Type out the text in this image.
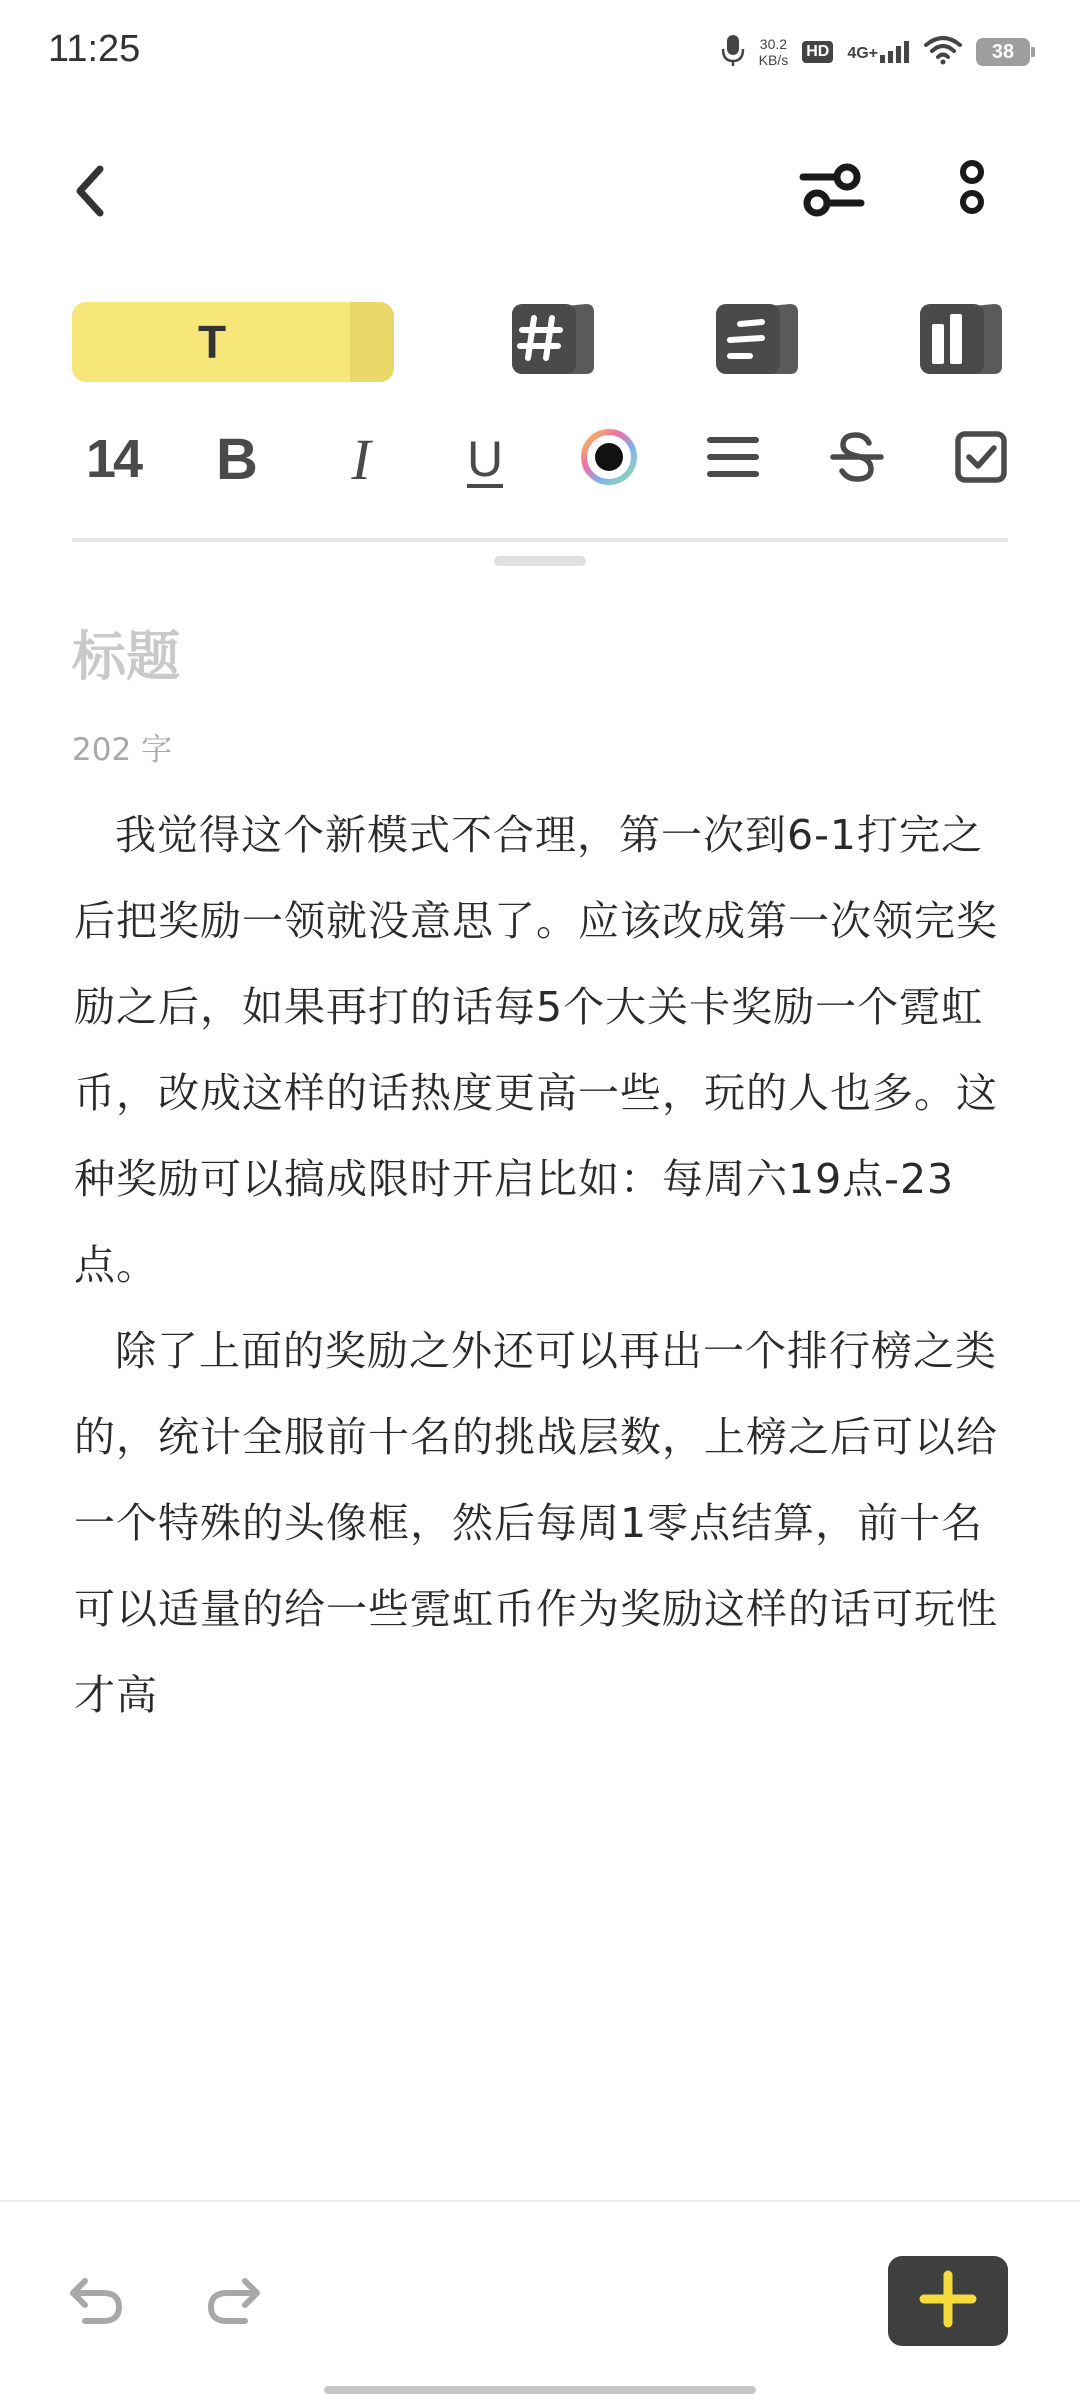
11:25	30.2
KB/s HD 4G+	38
T
14	B	I	U
标题
202 字

我觉得这个新模式不合理，第一次到6-1打完之后把奖励一领就没意思了。应该改成第一次领完奖励之后，如果再打的话每5个大关卡奖励一个霓虹币，改成这样的话热度更高一些，玩的人也多。这种奖励可以搞成限时开启比如：每周六19点-23点。

除了上面的奖励之外还可以再出一个排行榜之类的，统计全服前十名的挑战层数，上榜之后可以给一个特殊的头像框，然后每周1零点结算，前十名可以适量的给一些霓虹币作为奖励这样的话可玩性才高
